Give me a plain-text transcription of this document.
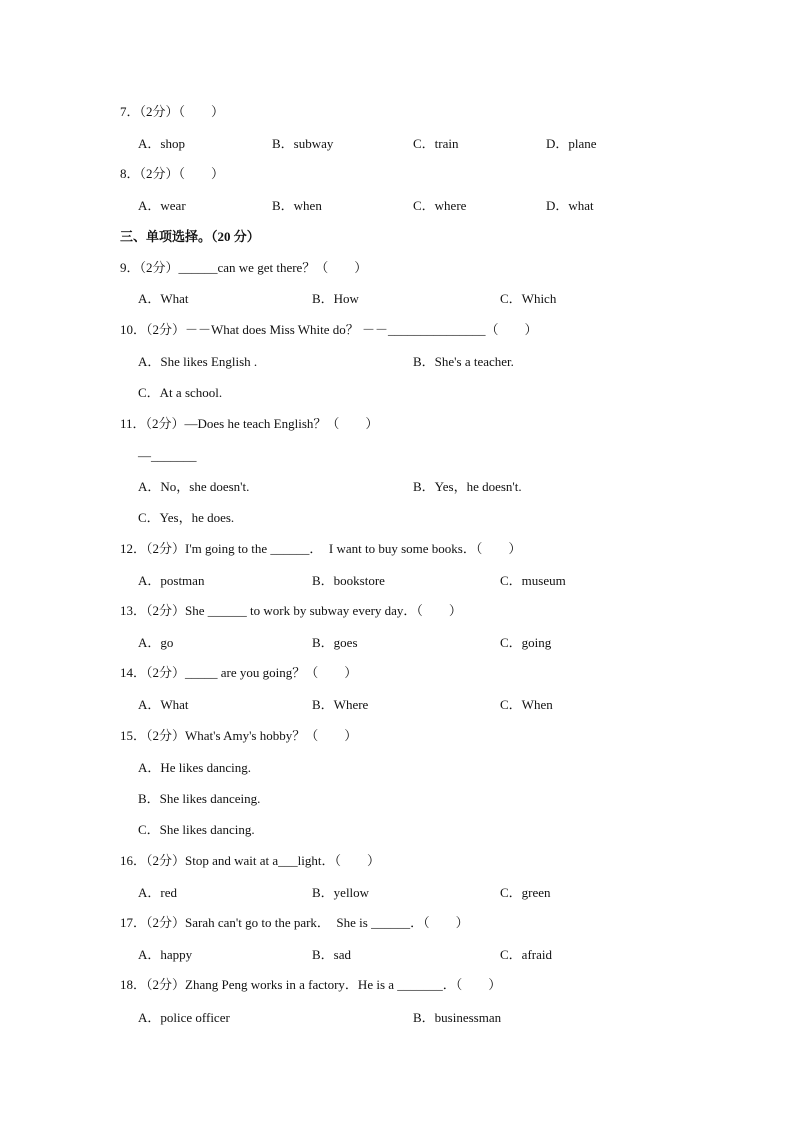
7．（2分）（　　）
A．shop	B．subway	C．train	D．plane
8．（2分）（　　）
A．wear	B．when	C．where	D．what
三、单项选择。（20 分）
9．（2分）______can we get there？（　　）
A．What	B．How	C．Which
10．（2分）－－What does Miss White do？ －－_______________（　　）
A．She likes English .	B．She's a teacher.
C．At a school.
11．（2分）—Does he teach English？（　　）
—_______
A．No，she doesn't.	B．Yes，he doesn't.
C．Yes，he does.
12．（2分）I'm going to the ______．  I want to buy some books．（　　）
A．postman	B．bookstore	C．museum
13．（2分）She ______ to work by subway every day．（　　）
A．go	B．goes	C．going
14．（2分）_____ are you going？（　　）
A．What	B．Where	C．When
15．（2分）What's Amy's hobby？（　　）
A．He likes dancing.
B．She likes danceing.
C．She likes dancing.
16．（2分）Stop and wait at a___light．（　　）
A．red	B．yellow	C．green
17．（2分）Sarah can't go to the park．  She is ______．（　　）
A．happy	B．sad	C．afraid
18．（2分）Zhang Peng works in a factory．He is a _______．（　　）
A．police officer	B．businessman
